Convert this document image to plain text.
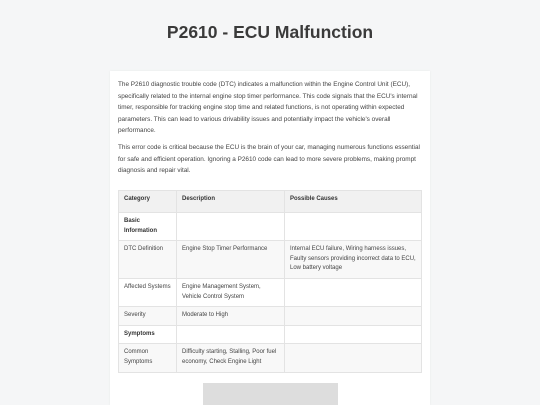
P2610 - ECU Malfunction

The P2610 diagnostic trouble code (DTC) indicates a malfunction within the Engine Control Unit (ECU), specifically related to the internal engine stop timer performance. This code signals that the ECU's internal timer, responsible for tracking engine stop time and related functions, is not operating within expected parameters. This can lead to various drivability issues and potentially impact the vehicle's overall performance.

This error code is critical because the ECU is the brain of your car, managing numerous functions essential for safe and efficient operation. Ignoring a P2610 code can lead to more severe problems, making prompt diagnosis and repair vital.

Category	Description	Possible Causes
Basic Information		
DTC Definition	Engine Stop Timer Performance	Internal ECU failure, Wiring harness issues, Faulty sensors providing incorrect data to ECU, Low battery voltage
Affected Systems	Engine Management System, Vehicle Control System	
Severity	Moderate to High	
Symptoms		
Common Symptoms	Difficulty starting, Stalling, Poor fuel economy, Check Engine Light	
